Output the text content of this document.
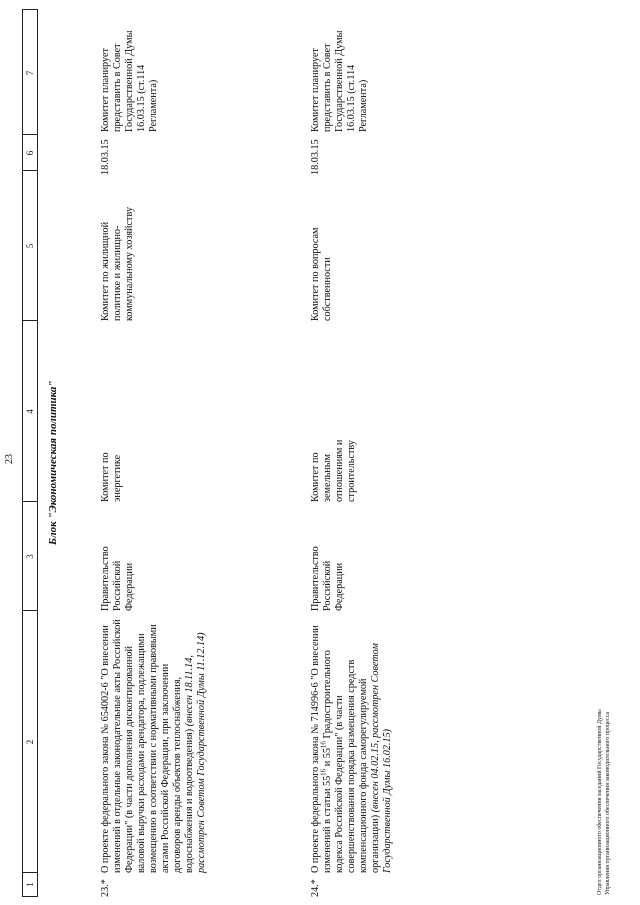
23
1
2
3
4
5
6
7
Блок "Экономическая политика"
23.*
О проекте федерального закона № 654002-6 "О внесении изменений в отдельные законодательные акты Российской Федерации" (в части дополнения дисконтированной валовой выручки расходами арендатора, подлежащими возмещению в соответствии с нормативными правовыми актами Российской Федерации, при заключении договоров аренды объектов теплоснабжения, водоснабжения и водоотведения) (внесен 18.11.14, рассмотрен Советом Государственной Думы 11.12.14)
Правительство Российской Федерации
Комитет по энергетике
Комитет по жилищной политике и жилищно-коммунальному хозяйству
18.03.15
Комитет планирует представить в Совет Государственной Думы 16.03.15 (ст.114 Регламента)
24.*
О проекте федерального закона № 714996-6 "О внесении изменений в статьи $55^{16}$ и $55^{16}$ Градостроительного кодекса Российской Федерации" (в части совершенствования порядка размещения средств компенсационного фонда саморегулируемой организации) (внесен 04.02.15, рассмотрен Советом Государственной Думы 16.02.15)
Правительство Российской Федерации
Комитет по земельным отношениям и строительству
Комитет по вопросам собственности
18.03.15
Комитет планирует представить в Совет Государственной Думы 16.03.15 (ст.114 Регламента)
Отдел организационного обеспечения заседаний Государственной Думы Управления организационного обеспечения законодательного процесса
